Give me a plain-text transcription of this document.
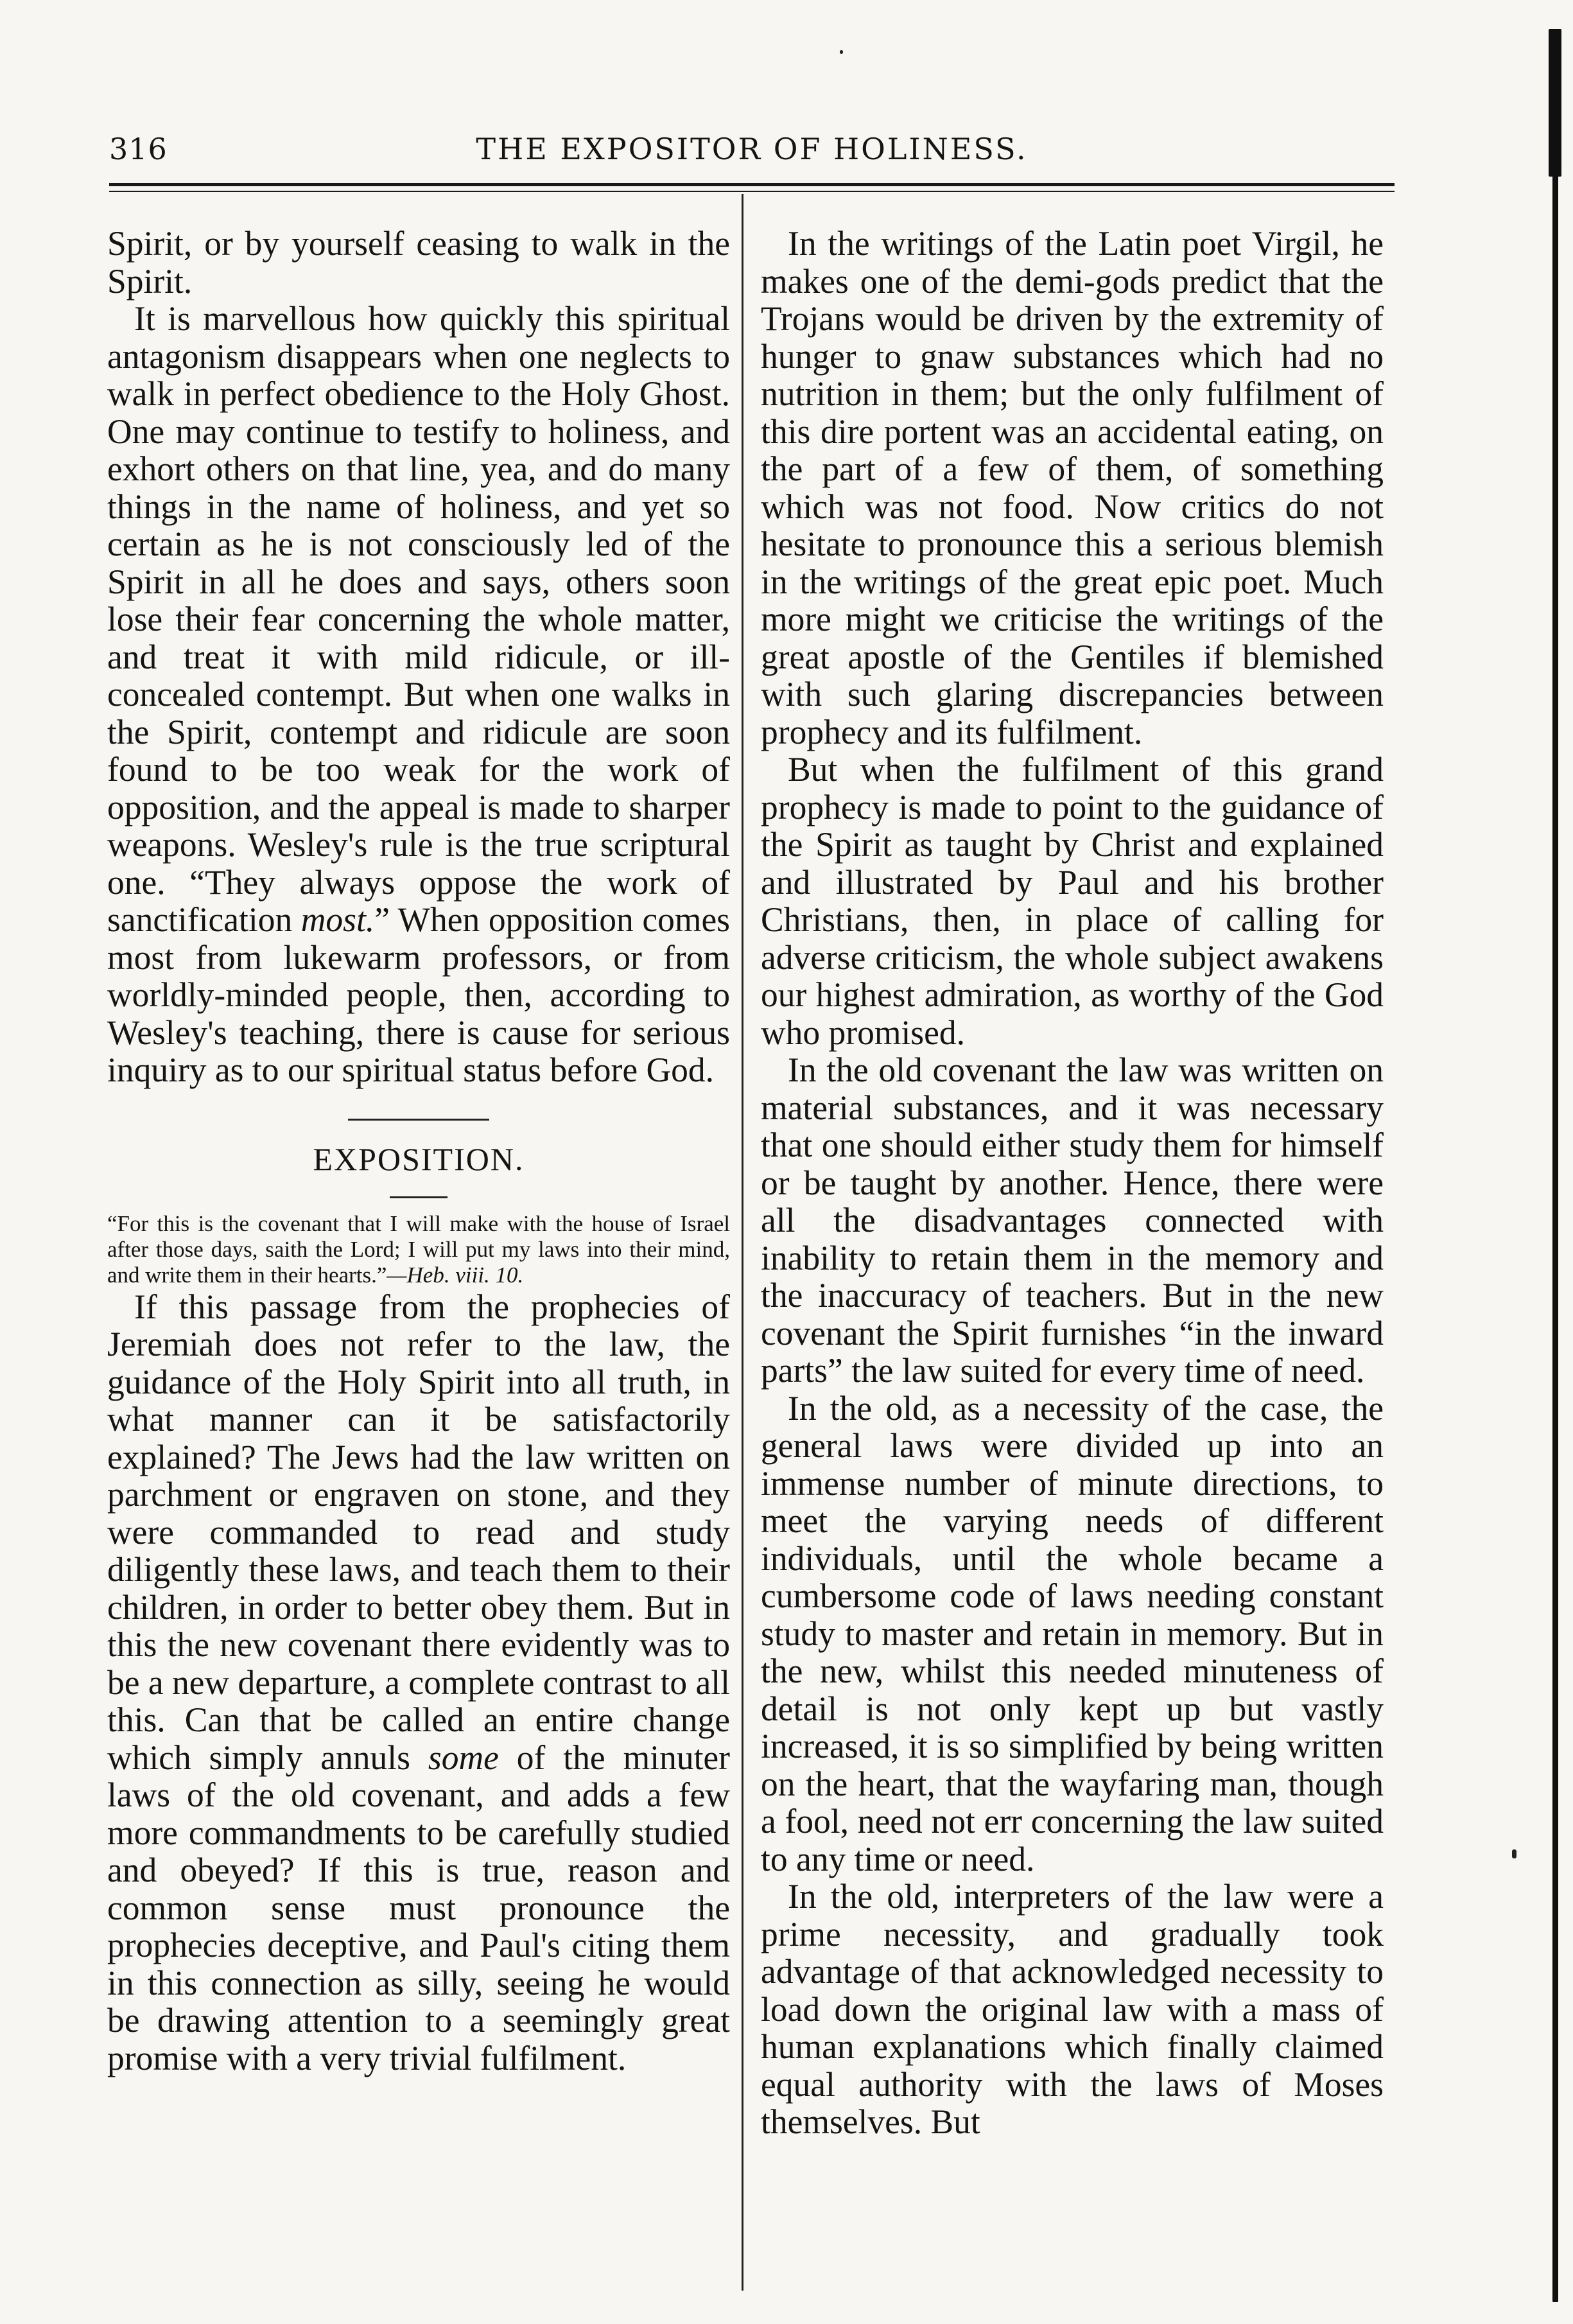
316	THE EXPOSITOR OF HOLINESS.

Spirit, or by yourself ceasing to walk in the Spirit.

It is marvellous how quickly this spiritual antagonism disappears when one neglects to walk in perfect obedience to the Holy Ghost. One may continue to testify to holiness, and exhort others on that line, yea, and do many things in the name of holiness, and yet so certain as he is not consciously led of the Spirit in all he does and says, others soon lose their fear concerning the whole matter, and treat it with mild ridicule, or ill-concealed contempt. But when one walks in the Spirit, contempt and ridicule are soon found to be too weak for the work of opposition, and the appeal is made to sharper weapons. Wesley's rule is the true scriptural one. “They always oppose the work of sanctification most.” When opposition comes most from lukewarm professors, or from worldly-minded people, then, according to Wesley's teaching, there is cause for serious inquiry as to our spiritual status before God.

EXPOSITION.

“For this is the covenant that I will make with the house of Israel after those days, saith the Lord; I will put my laws into their mind, and write them in their hearts.”—Heb. viii. 10.

If this passage from the prophecies of Jeremiah does not refer to the law, the guidance of the Holy Spirit into all truth, in what manner can it be satisfactorily explained? The Jews had the law written on parchment or engraven on stone, and they were commanded to read and study diligently these laws, and teach them to their children, in order to better obey them. But in this the new covenant there evidently was to be a new departure, a complete contrast to all this. Can that be called an entire change which simply annuls some of the minuter laws of the old covenant, and adds a few more commandments to be carefully studied and obeyed? If this is true, reason and common sense must pronounce the prophecies deceptive, and Paul's citing them in this connection as silly, seeing he would be drawing attention to a seemingly great promise with a very trivial fulfilment.

In the writings of the Latin poet Virgil, he makes one of the demi-gods predict that the Trojans would be driven by the extremity of hunger to gnaw substances which had no nutrition in them; but the only fulfilment of this dire portent was an accidental eating, on the part of a few of them, of something which was not food. Now critics do not hesitate to pronounce this a serious blemish in the writings of the great epic poet. Much more might we criticise the writings of the great apostle of the Gentiles if blemished with such glaring discrepancies between prophecy and its fulfilment.

But when the fulfilment of this grand prophecy is made to point to the guidance of the Spirit as taught by Christ and explained and illustrated by Paul and his brother Christians, then, in place of calling for adverse criticism, the whole subject awakens our highest admiration, as worthy of the God who promised.

In the old covenant the law was written on material substances, and it was necessary that one should either study them for himself or be taught by another. Hence, there were all the disadvantages connected with inability to retain them in the memory and the inaccuracy of teachers. But in the new covenant the Spirit furnishes “in the inward parts” the law suited for every time of need.

In the old, as a necessity of the case, the general laws were divided up into an immense number of minute directions, to meet the varying needs of different individuals, until the whole became a cumbersome code of laws needing constant study to master and retain in memory. But in the new, whilst this needed minuteness of detail is not only kept up but vastly increased, it is so simplified by being written on the heart, that the wayfaring man, though a fool, need not err concerning the law suited to any time or need.

In the old, interpreters of the law were a prime necessity, and gradually took advantage of that acknowledged necessity to load down the original law with a mass of human explanations which finally claimed equal authority with the laws of Moses themselves. But
